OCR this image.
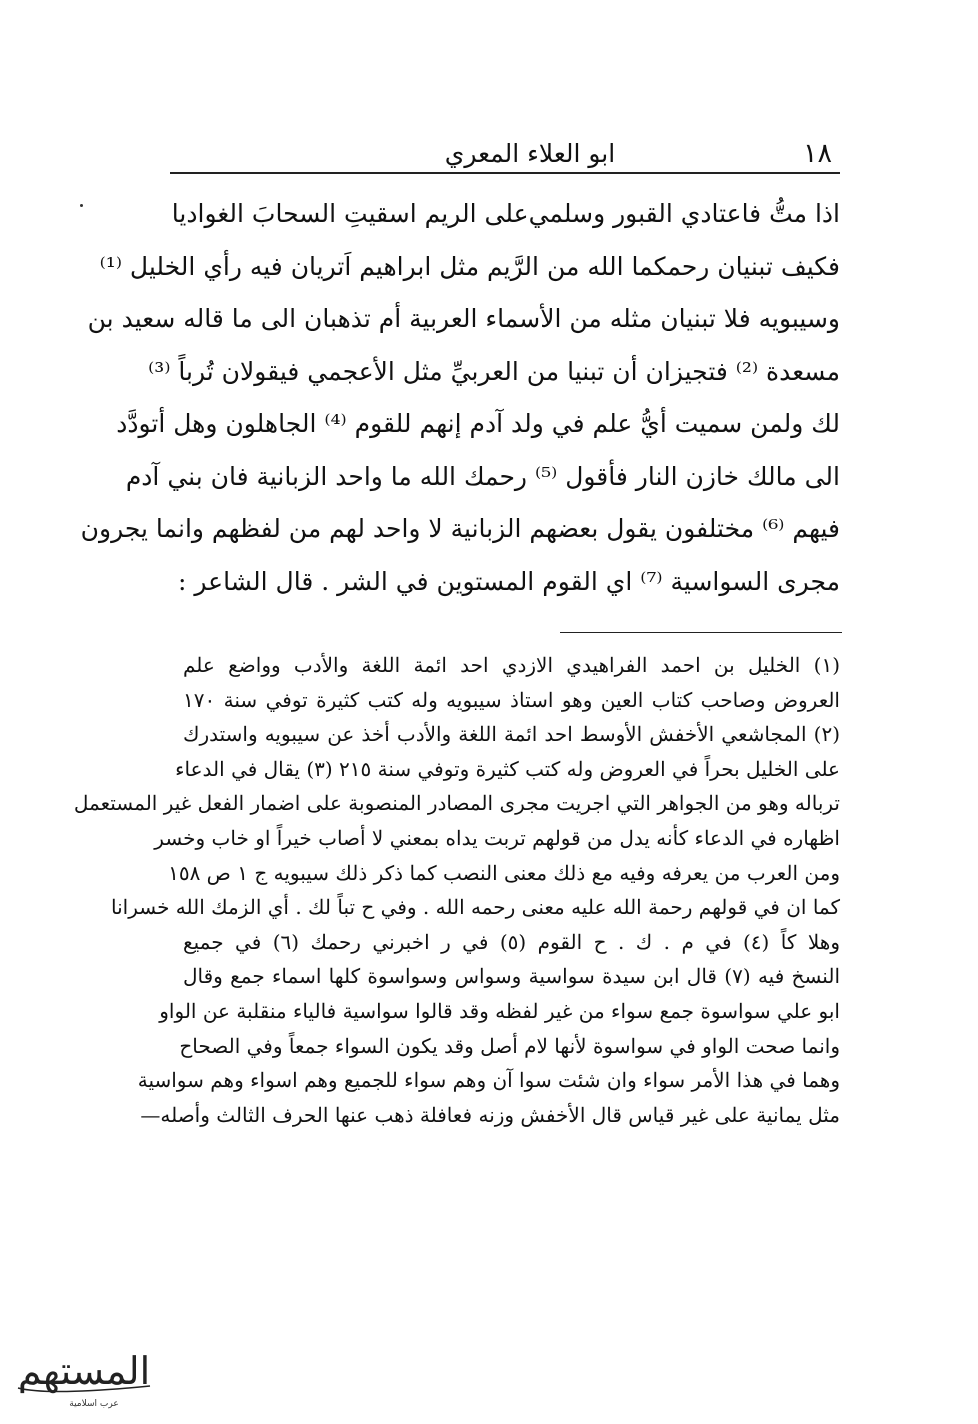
١٨
ابو العلاء المعري
اذا متُّ فاعتادي القبور وسلمي
على الريم اسقيتِ السحابَ الغواديا
فكيف تبنيان رحمكما الله من الرَّيم مثل ابراهيم اَتريان فيه رأي الخليل ⁽¹⁾
وسيبويه فلا تبنيان مثله من الأسماء العربية أم تذهبان الى ما قاله سعيد بن
مسعدة ⁽²⁾ فتجيزان أن تبنيا من العربيِّ مثل الأعجمي فيقولان تُرباً ⁽³⁾
لك ولمن سميت أيُّ علم في ولد آدم إنهم للقوم ⁽⁴⁾ الجاهلون وهل أتودَّد
الى مالك خازن النار فأقول ⁽⁵⁾ رحمك الله ما واحد الزبانية فان بني آدم
فيهم ⁽⁶⁾ مختلفون يقول بعضهم الزبانية لا واحد لهم من لفظهم وانما يجرون
مجرى السواسية ⁽⁷⁾ اي القوم المستوين في الشر . قال الشاعر :
(١) الخليل بن احمد الفراهيدي الازدي احد ائمة اللغة والأدب وواضع علم
العروض وصاحب كتاب العين وهو استاذ سيبويه وله كتب كثيرة توفي سنة ١٧٠
(٢) المجاشعي الأخفش الأوسط احد ائمة اللغة والأدب أخذ عن سيبويه واستدرك
على الخليل بحراً في العروض وله كتب كثيرة وتوفي سنة ٢١٥ (٣) يقال في الدعاء
ترباله وهو من الجواهر التي اجريت مجرى المصادر المنصوبة على اضمار الفعل غير المستعمل
اظهاره في الدعاء كأنه يدل من قولهم تربت يداه بمعني لا أصاب خيراً او خاب وخسر
ومن العرب من يعرفه وفيه مع ذلك معنى النصب كما ذكر ذلك سيبويه ج ١ ص ١٥٨
كما ان في قولهم رحمة الله عليه معنى رحمه الله . وفي ح تباً لك . أي الزمك الله خسرانا
وهلا كاً (٤) في م . ك . ح القوم (٥) في ر اخبرني رحمك (٦) في جميع
النسخ فيه (٧) قال ابن سيدة سواسية وسواس وسواسوة كلها اسماء جمع وقال
ابو علي سواسوة جمع سواء من غير لفظه وقد قالوا سواسية فالياء منقلبة عن الواو
وانما صحت الواو في سواسوة لأنها لام أصل وقد يكون السواء جمعاً وفي الصحاح
وهما في هذا الأمر سواء وان شئت سوا آن وهم سواء للجميع وهم اسواء وهم سواسية
مثل يمانية على غير قياس قال الأخفش وزنه فعافلة ذهب عنها الحرف الثالث وأصله—
المستهم
عرب اسلامية
